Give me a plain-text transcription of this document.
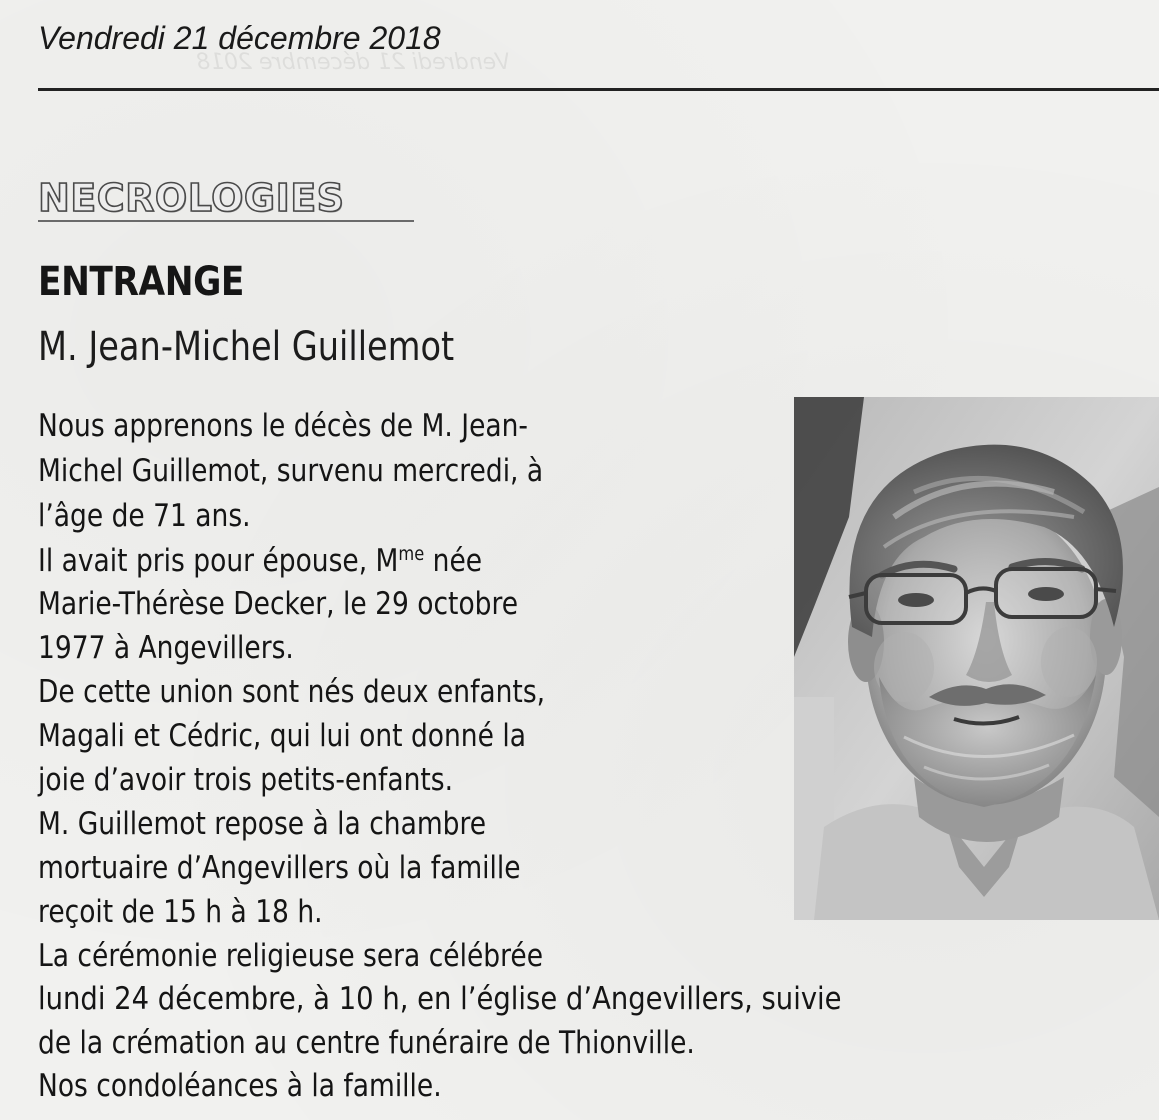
Vendredi 21 décembre 2018
Vendredi 21 décembre 2018
NECROLOGIES
ENTRANGE
M. Jean-Michel Guillemot
Nous apprenons le décès de M. Jean-
Michel Guillemot, survenu mercredi, à
l’âge de 71 ans.
Il avait pris pour épouse, $M^{me}$ née
Marie-Thérèse Decker, le 29 octobre
1977 à Angevillers.
De cette union sont nés deux enfants,
Magali et Cédric, qui lui ont donné la
joie d’avoir trois petits-enfants.
M. Guillemot repose à la chambre
mortuaire d’Angevillers où la famille
reçoit de 15 h à 18 h.
La cérémonie religieuse sera célébrée
lundi 24 décembre, à 10 h, en l’église d’Angevillers, suivie
de la crémation au centre funéraire de Thionville.
Nos condoléances à la famille.
